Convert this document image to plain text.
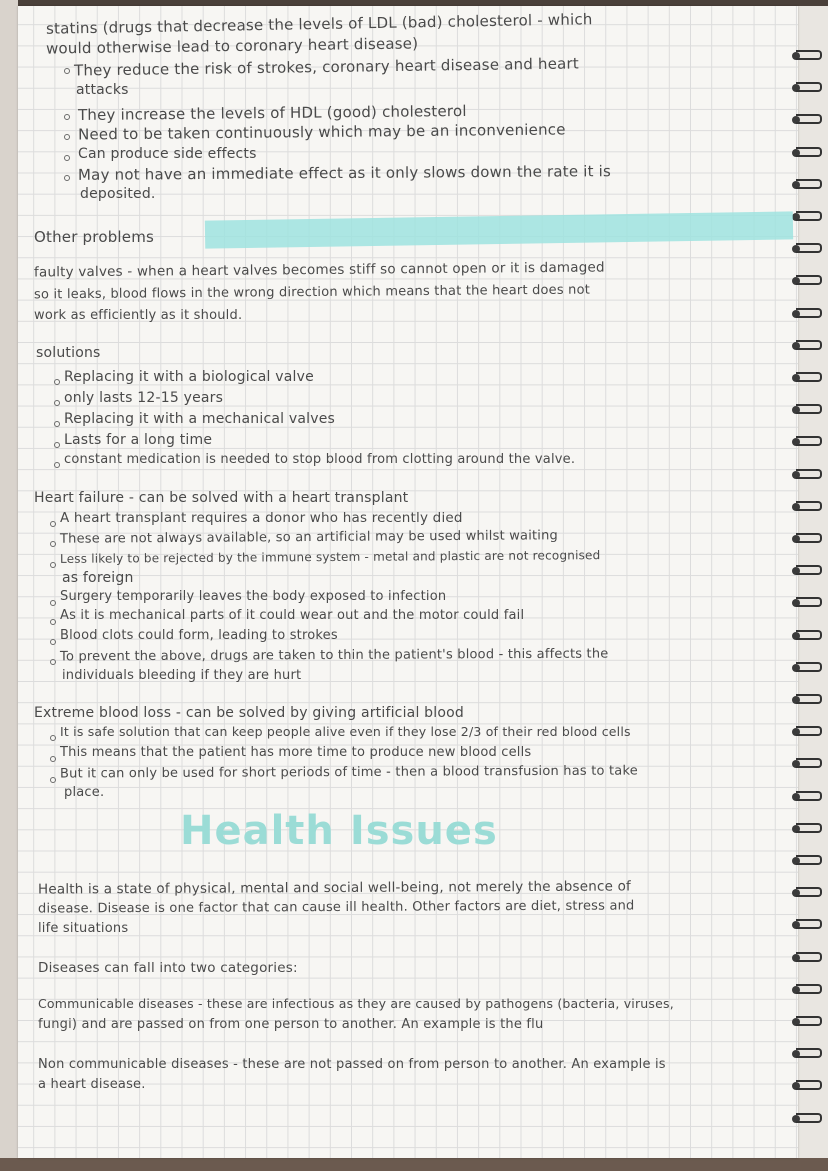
statins (drugs that decrease the levels of LDL (bad) cholesterol - which
would otherwise lead to coronary heart disease)
They reduce the risk of strokes, coronary heart disease and heart
attacks
They increase the levels of HDL (good) cholesterol
Need to be taken continuously which may be an inconvenience
Can produce side effects
May not have an immediate effect as it only slows down the rate it is
deposited.
Other problems
faulty valves - when a heart valves becomes stiff so cannot open or it is damaged
so it leaks, blood flows in the wrong direction which means that the heart does not
work as efficiently as it should.
solutions
Replacing it with a biological valve
only lasts 12-15 years
Replacing it with a mechanical valves
Lasts for a long time
constant medication is needed to stop blood from clotting around the valve.
Heart failure - can be solved with a heart transplant
A heart transplant requires a donor who has recently died
These are not always available, so an artificial may be used whilst waiting
Less likely to be rejected by the immune system - metal and plastic are not recognised
as foreign
Surgery temporarily leaves the body exposed to infection
As it is mechanical parts of it could wear out and the motor could fail
Blood clots could form, leading to strokes
To prevent the above, drugs are taken to thin the patient's blood - this affects the
individuals bleeding if they are hurt
Extreme blood loss - can be solved by giving artificial blood
It is safe solution that can keep people alive even if they lose 2/3 of their red blood cells
This means that the patient has more time to produce new blood cells
But it can only be used for short periods of time - then a blood transfusion has to take
place.
Health Issues
Health is a state of physical, mental and social well-being, not merely the absence of
disease. Disease is one factor that can cause ill health. Other factors are diet, stress and
life situations
Diseases can fall into two categories:
Communicable diseases - these are infectious as they are caused by pathogens (bacteria, viruses,
fungi) and are passed on from one person to another. An example is the flu
Non communicable diseases - these are not passed on from person to another. An example is
a heart disease.
